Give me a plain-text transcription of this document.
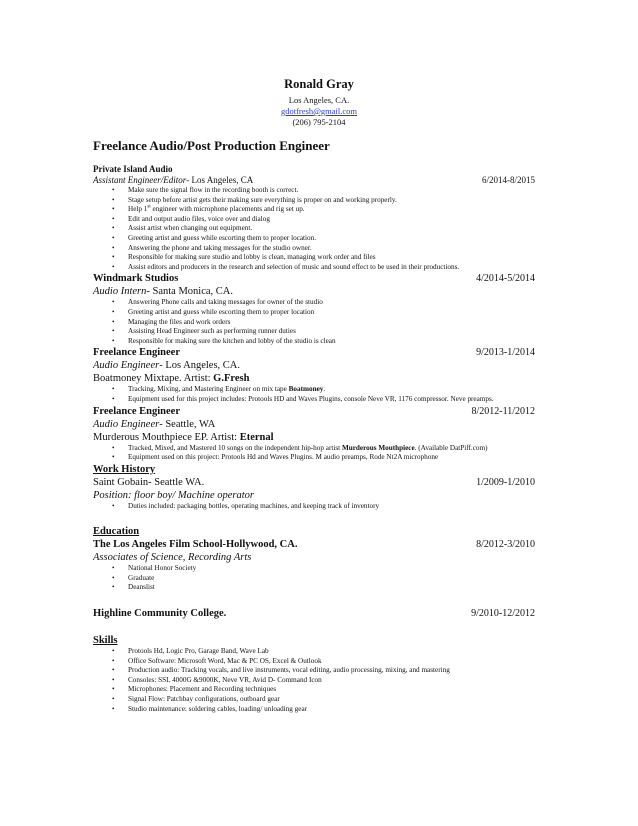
Ronald Gray
Los Angeles, CA.
gdotfresh@gmail.com
(206) 795-2104
Freelance Audio/Post Production Engineer
Private Island Audio
Assistant Engineer/Editor- Los Angeles, CA	6/2014-8/2015
• Make sure the signal flow in the recording booth is correct.
• Stage setup before artist gets their making sure everything is proper on and working properly.
• Help 1st engineer with microphone placements and rig set up.
• Edit and output audio files, voice over and dialog
• Assist artist when changing out equipment.
• Greeting artist and guess while escorting them to proper location.
• Answering the phone and taking messages for the studio owner.
• Responsible for making sure studio and lobby is clean, managing work order and files
• Assist editors and producers in the research and selection of music and sound effect to be used in their productions.
Windmark Studios	4/2014-5/2014
Audio Intern- Santa Monica, CA.
• Answering Phone calls and taking messages for owner of the studio
• Greeting artist and guess while escorting them to proper location
• Managing the files and work orders
• Assisting Head Engineer such as performing runner duties
• Responsible for making sure the kitchen and lobby of the studio is clean
Freelance Engineer	9/2013-1/2014
Audio Engineer- Los Angeles, CA.
Boatmoney Mixtape. Artist: G.Fresh
• Tracking, Mixing, and Mastering Engineer on mix tape Boatmoney.
• Equipment used for this project includes: Protools HD and Waves Plugins, console Neve VR, 1176 compressor. Neve preamps.
Freelance Engineer	8/2012-11/2012
Audio Engineer- Seattle, WA
Murderous Mouthpiece EP. Artist: Eternal
• Tracked, Mixed, and Mastered 10 songs on the independent hip-hop artist Murderous Mouthpiece. (Available DatPiff.com)
• Equipment used on this project: Protools Hd and Waves Plugins. M audio preamps, Rode Nt2A microphone
Work History
Saint Gobain- Seattle WA.	1/2009-1/2010
Position: floor boy/ Machine operator
• Duties included: packaging bottles, operating machines, and keeping track of inventory
Education
The Los Angeles Film School-Hollywood, CA.	8/2012-3/2010
Associates of Science, Recording Arts
• National Honor Society
• Graduate
• Deanslist
Highline Community College.	9/2010-12/2012
Skills
• Protools Hd, Logic Pro, Garage Band, Wave Lab
• Office Software: Microsoft Word, Mac & PC OS, Excel & Outlook
• Production audio: Tracking vocals, and live instruments, vocal editing, audio processing, mixing, and mastering
• Consoles: SSL 4000G &9000K, Neve VR, Avid D- Command Icon
• Microphones: Placement and Recording techniques
• Signal Flow: Patchbay configurations, outboard gear
• Studio maintenance: soldering cables, loading/ unloading gear
